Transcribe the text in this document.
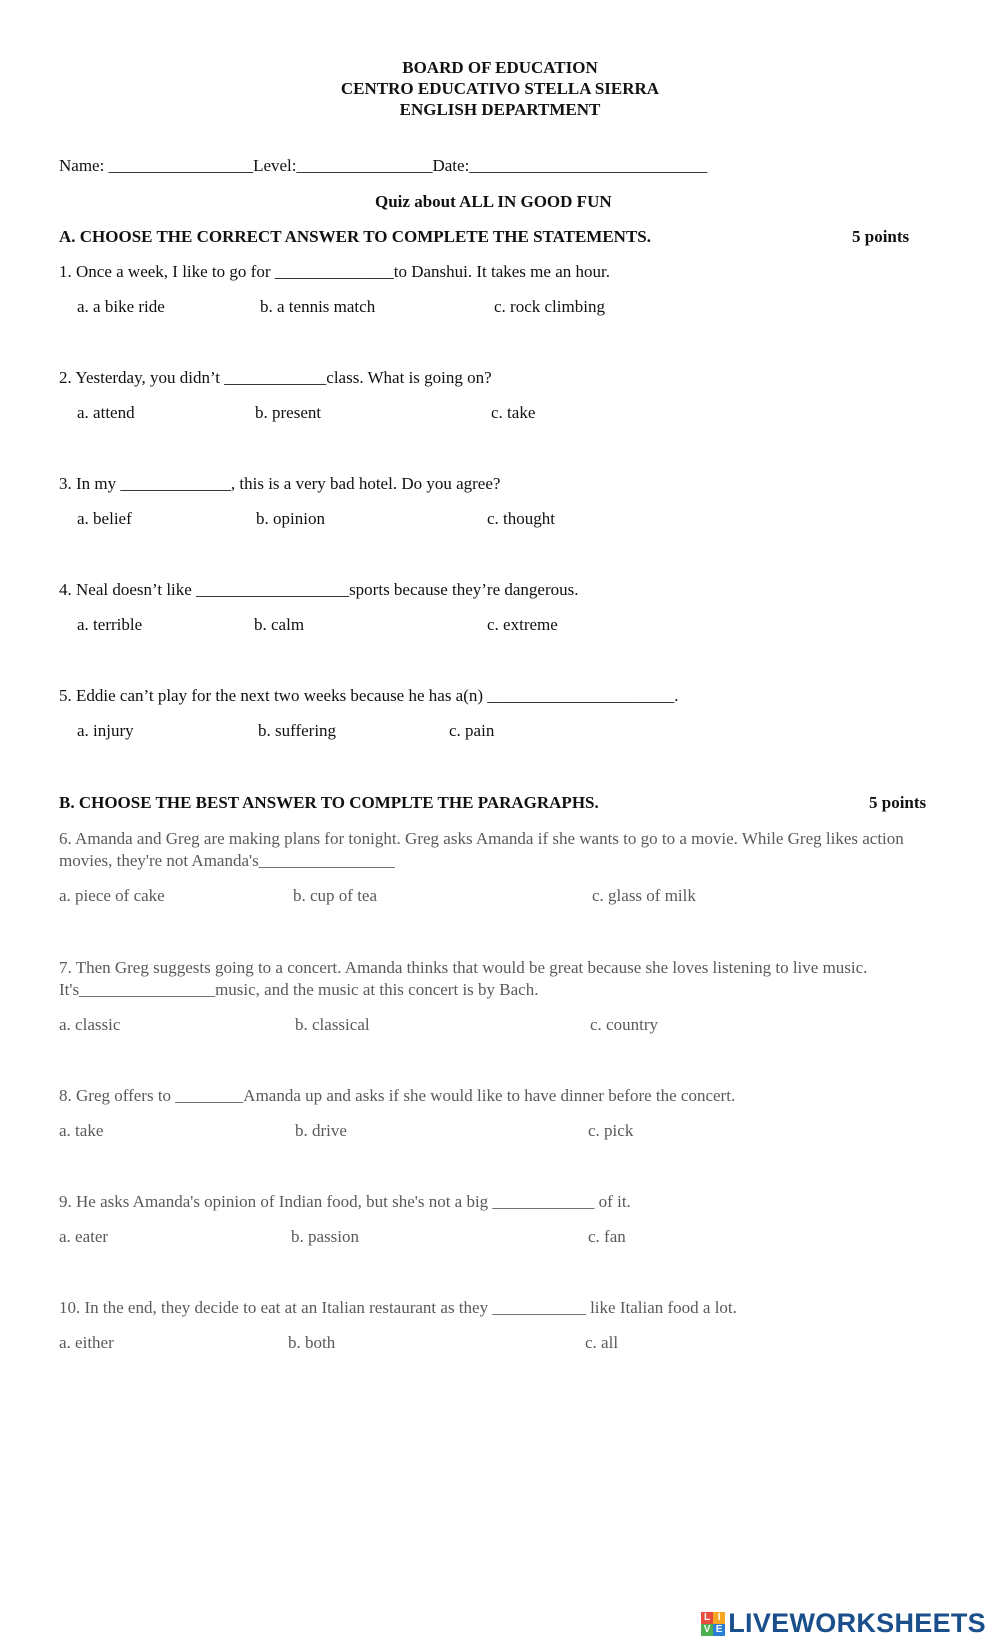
BOARD OF EDUCATION
CENTRO EDUCATIVO STELLA SIERRA
ENGLISH DEPARTMENT
Name: _________________Level:________________Date:____________________________
Quiz about ALL IN GOOD FUN
A. CHOOSE THE CORRECT ANSWER TO COMPLETE THE STATEMENTS.	5 points
1. Once a week, I like to go for ______________to Danshui. It takes me an hour.
a. a bike ride	b. a tennis match	c. rock climbing
2. Yesterday, you didn’t ____________class. What is going on?
a. attend	b. present	c. take
3. In my _____________, this is a very bad hotel. Do you agree?
a. belief	b. opinion	c. thought
4. Neal doesn’t like __________________sports because they’re dangerous.
a. terrible	b. calm	c. extreme
5. Eddie can’t play for the next two weeks because he has a(n) ______________________.
a. injury	b. suffering	c. pain
B. CHOOSE THE BEST ANSWER TO COMPLTE THE PARAGRAPHS.	5 points
6. Amanda and Greg are making plans for tonight. Greg asks Amanda if she wants to go to a movie. While Greg likes action movies, they're not Amanda's________________
a. piece of cake	b. cup of tea	c. glass of milk
7. Then Greg suggests going to a concert. Amanda thinks that would be great because she loves listening to live music. It's________________music, and the music at this concert is by Bach.
a. classic	b. classical	c. country
8. Greg offers to ________Amanda up and asks if she would like to have dinner before the concert.
a. take	b. drive	c. pick
9. He asks Amanda's opinion of Indian food, but she's not a big ____________ of it.
a. eater	b. passion	c. fan
10. In the end, they decide to eat at an Italian restaurant as they ___________ like Italian food a lot.
a. either	b. both	c. all
L I
V E LIVEWORKSHEETS
